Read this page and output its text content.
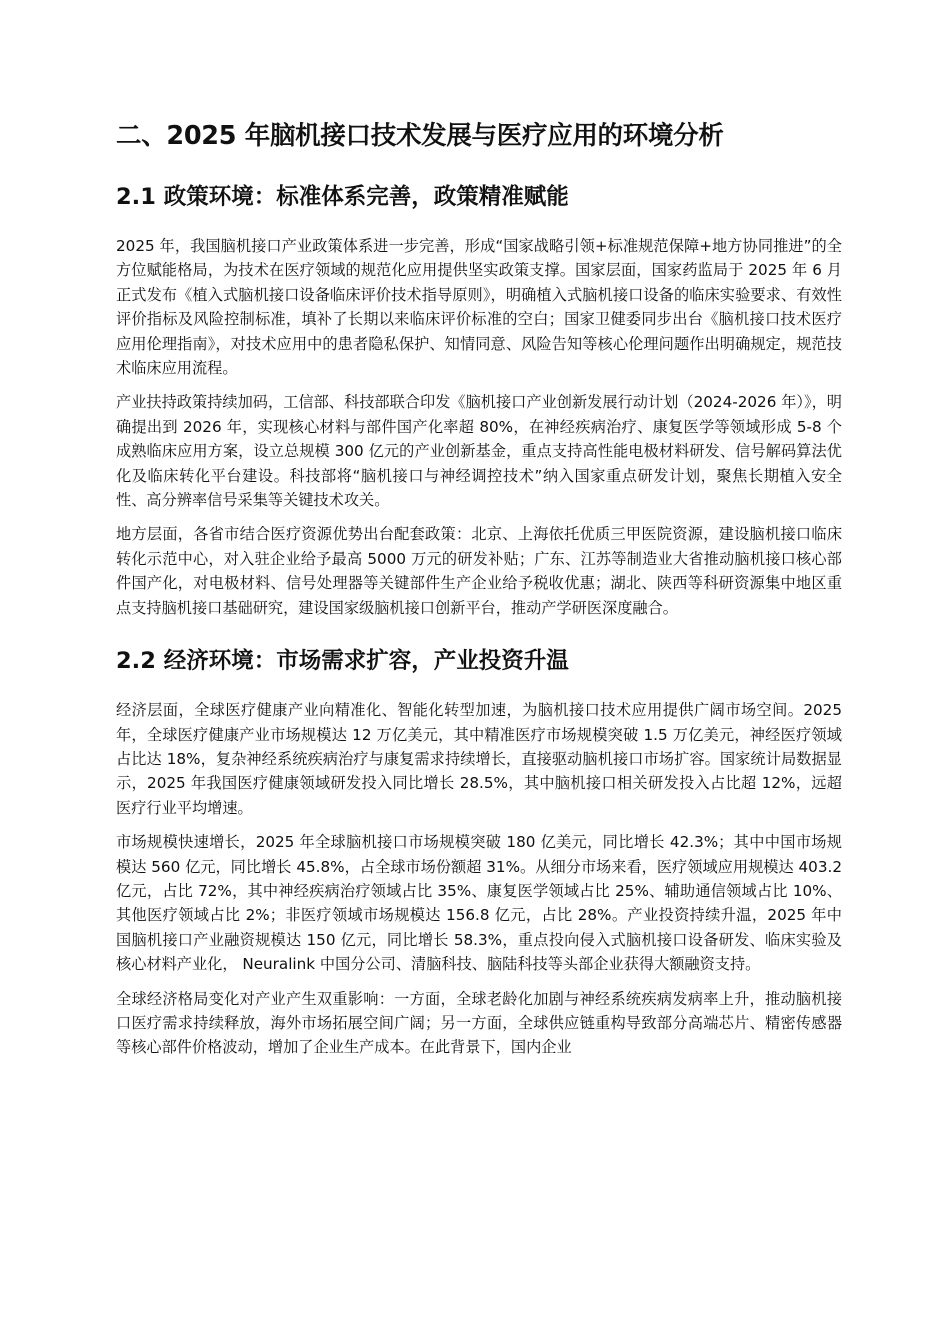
二、2025 年脑机接口技术发展与医疗应用的环境分析
2.1 政策环境：标准体系完善，政策精准赋能

2025 年，我国脑机接口产业政策体系进一步完善，形成“国家战略引领+标准规范保障+地方协同推进”的全方位赋能格局，为技术在医疗领域的规范化应用提供坚实政策支撑。国家层面，国家药监局于 2025 年 6 月正式发布《植入式脑机接口设备临床评价技术指导原则》，明确植入式脑机接口设备的临床实验要求、有效性评价指标及风险控制标准，填补了长期以来临床评价标准的空白；国家卫健委同步出台《脑机接口技术医疗应用伦理指南》，对技术应用中的患者隐私保护、知情同意、风险告知等核心伦理问题作出明确规定，规范技术临床应用流程。

产业扶持政策持续加码，工信部、科技部联合印发《脑机接口产业创新发展行动计划（2024-2026 年）》，明确提出到 2026 年，实现核心材料与部件国产化率超 80%，在神经疾病治疗、康复医学等领域形成 5-8 个成熟临床应用方案，设立总规模 300 亿元的产业创新基金，重点支持高性能电极材料研发、信号解码算法优化及临床转化平台建设。科技部将“脑机接口与神经调控技术”纳入国家重点研发计划，聚焦长期植入安全性、高分辨率信号采集等关键技术攻关。

地方层面，各省市结合医疗资源优势出台配套政策：北京、上海依托优质三甲医院资源，建设脑机接口临床转化示范中心，对入驻企业给予最高 5000 万元的研发补贴；广东、江苏等制造业大省推动脑机接口核心部件国产化，对电极材料、信号处理器等关键部件生产企业给予税收优惠；湖北、陕西等科研资源集中地区重点支持脑机接口基础研究，建设国家级脑机接口创新平台，推动产学研医深度融合。

2.2 经济环境：市场需求扩容，产业投资升温

经济层面，全球医疗健康产业向精准化、智能化转型加速，为脑机接口技术应用提供广阔市场空间。2025 年，全球医疗健康产业市场规模达 12 万亿美元，其中精准医疗市场规模突破 1.5 万亿美元，神经医疗领域占比达 18%，复杂神经系统疾病治疗与康复需求持续增长，直接驱动脑机接口市场扩容。国家统计局数据显示，2025 年我国医疗健康领域研发投入同比增长 28.5%，其中脑机接口相关研发投入占比超 12%，远超医疗行业平均增速。

市场规模快速增长，2025 年全球脑机接口市场规模突破 180 亿美元，同比增长 42.3%；其中中国市场规模达 560 亿元，同比增长 45.8%，占全球市场份额超 31%。从细分市场来看，医疗领域应用规模达 403.2 亿元，占比 72%，其中神经疾病治疗领域占比 35%、康复医学领域占比 25%、辅助通信领域占比 10%、其他医疗领域占比 2%；非医疗领域市场规模达 156.8 亿元，占比 28%。产业投资持续升温，2025 年中国脑机接口产业融资规模达 150 亿元，同比增长 58.3%，重点投向侵入式脑机接口设备研发、临床实验及核心材料产业化， Neuralink 中国分公司、清脑科技、脑陆科技等头部企业获得大额融资支持。

全球经济格局变化对产业产生双重影响：一方面，全球老龄化加剧与神经系统疾病发病率上升，推动脑机接口医疗需求持续释放，海外市场拓展空间广阔；另一方面，全球供应链重构导致部分高端芯片、精密传感器等核心部件价格波动，增加了企业生产成本。在此背景下，国内企业
